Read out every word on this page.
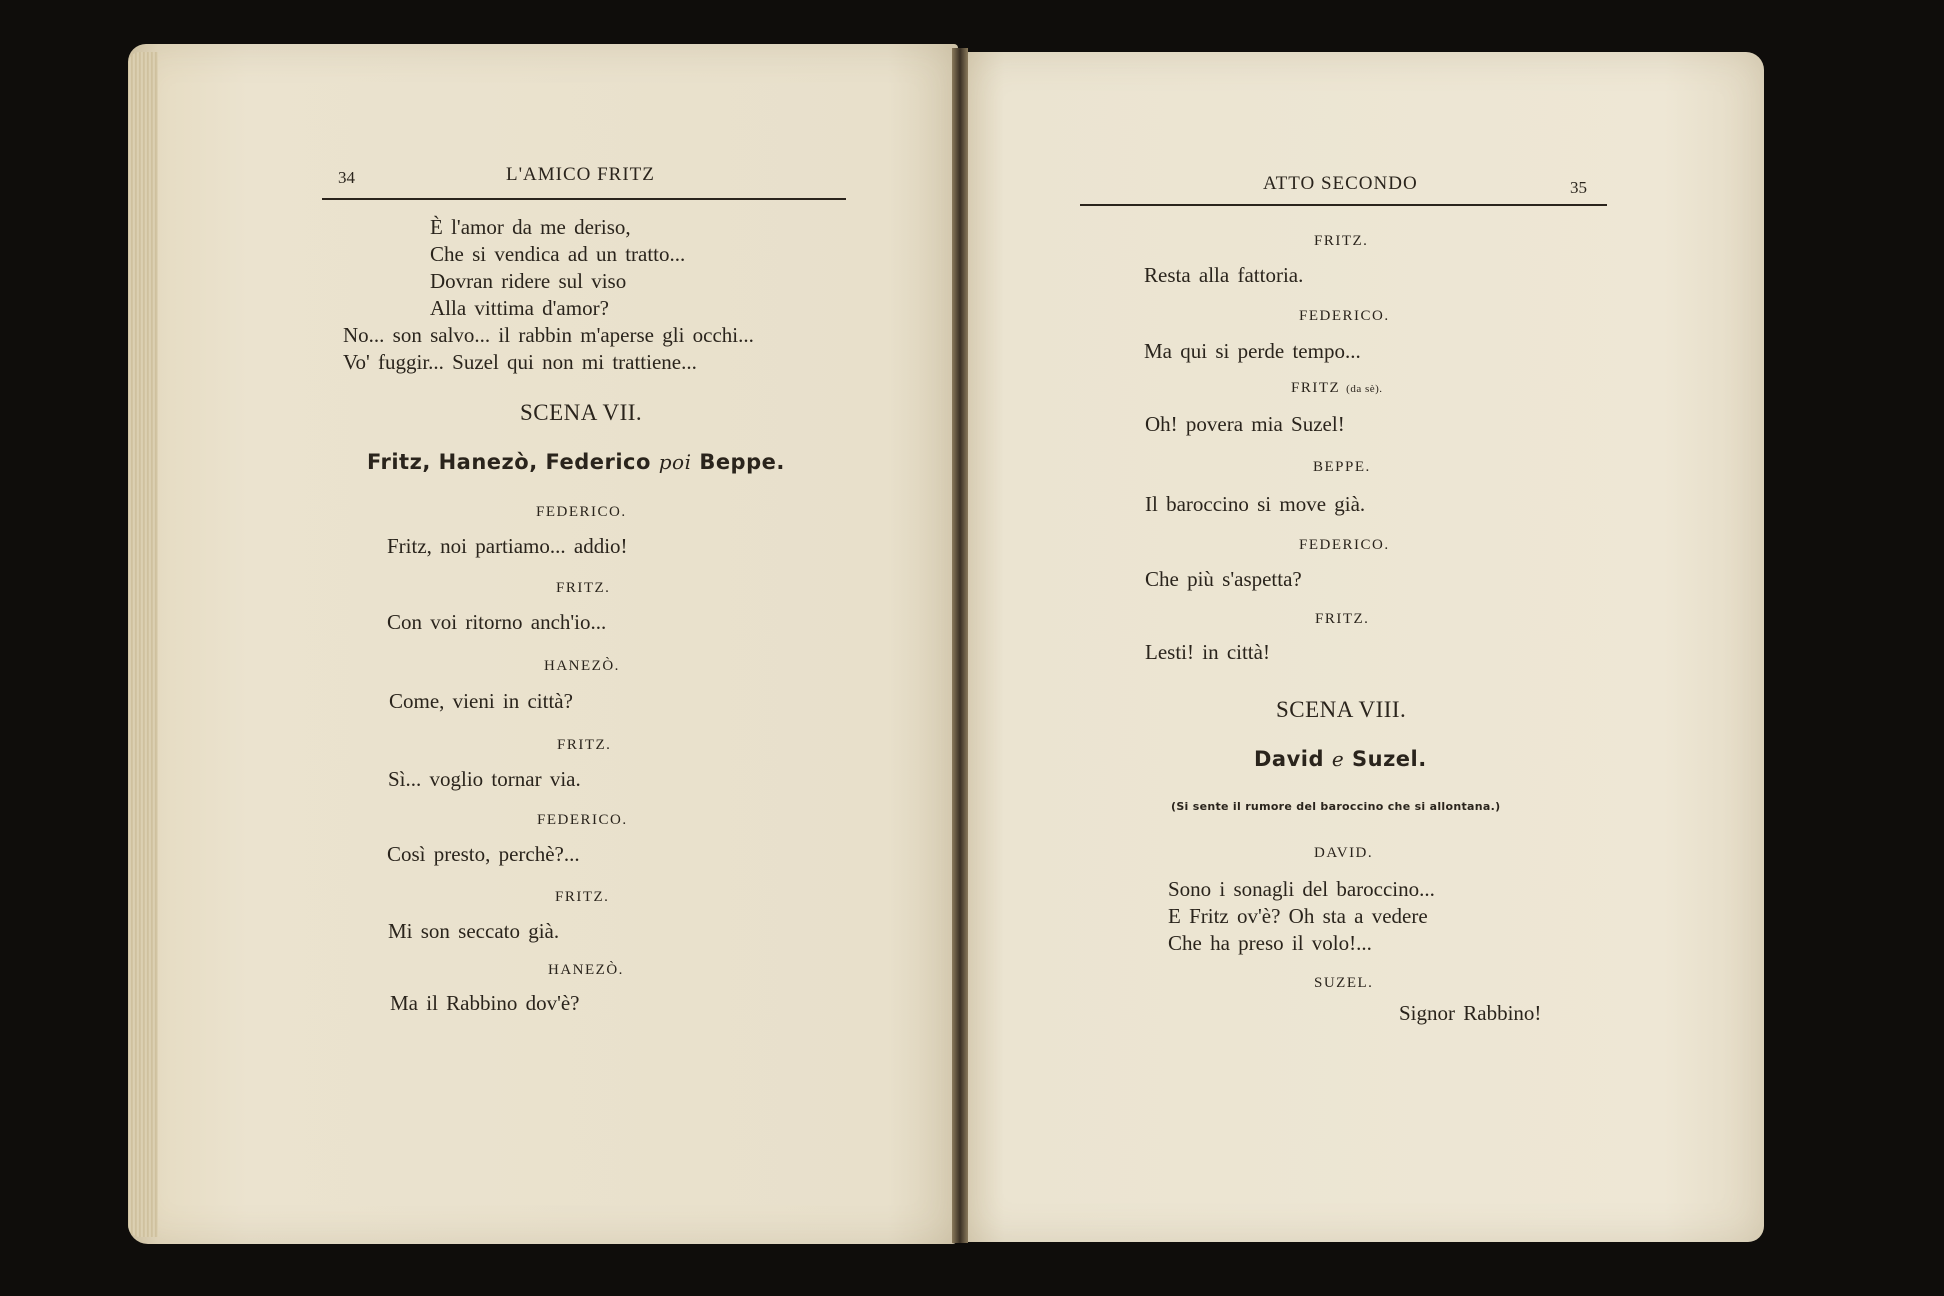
34	L'AMICO FRITZ
È l'amor da me deriso,
Che si vendica ad un tratto...
Dovran ridere sul viso
Alla vittima d'amor?
No... son salvo... il rabbin m'aperse gli occhi...
Vo' fuggir... Suzel qui non mi trattiene...
SCENA VII.
Fritz, Hanezò, Federico poi Beppe.
FEDERICO.
Fritz, noi partiamo... addio!
FRITZ.
Con voi ritorno anch'io...
HANEZÒ.
Come, vieni in città?
FRITZ.
Sì... voglio tornar via.
FEDERICO.
Così presto, perchè?...
FRITZ.
Mi son seccato già.
HANEZÒ.
Ma il Rabbino dov'è?
ATTO SECONDO	35
FRITZ.
Resta alla fattoria.
FEDERICO.
Ma qui si perde tempo...
FRITZ (da sè).
Oh! povera mia Suzel!
BEPPE.
Il baroccino si move già.
FEDERICO.
Che più s'aspetta?
FRITZ.
Lesti! in città!
SCENA VIII.
David e Suzel.
(Si sente il rumore del baroccino che si allontana.)
DAVID.
Sono i sonagli del baroccino...
E Fritz ov'è? Oh sta a vedere
Che ha preso il volo!...
SUZEL.
Signor Rabbino!
